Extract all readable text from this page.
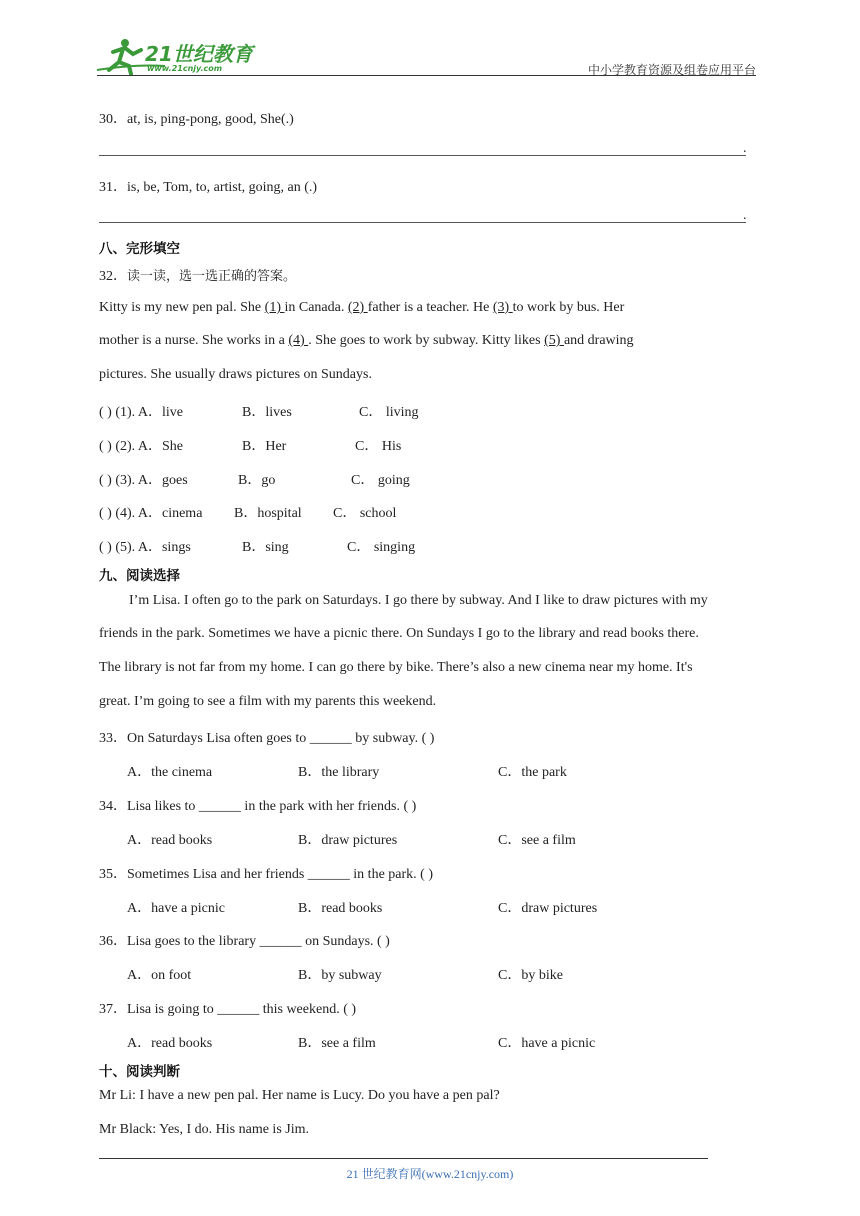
21世纪教育
www.21cnjy.com	中小学教育资源及组卷应用平台
30．at, is, ping-pong, good, She(.)
.
31．is, be, Tom, to, artist, going, an (.)
.
八、完形填空
32．读一读，选一选正确的答案。
Kitty is my new pen pal. She (1) in Canada. (2) father is a teacher. He (3) to work by bus. Her
mother is a nurse. She works in a (4) . She goes to work by subway. Kitty likes (5) and drawing
pictures. She usually draws pictures on Sundays.
( ) (1). A．live	B．lives	C． living
( ) (2). A．She	B．Her	C． His
( ) (3). A．goes	B．go	C． going
( ) (4). A．cinema B．hospital C． school
( ) (5). A．sings	B．sing	C． singing
九、阅读选择
I’m Lisa. I often go to the park on Saturdays. I go there by subway. And I like to draw pictures with my
friends in the park. Sometimes we have a picnic there. On Sundays I go to the library and read books there.
The library is not far from my home. I can go there by bike. There’s also a new cinema near my home. It's
great. I’m going to see a film with my parents this weekend.
33．On Saturdays Lisa often goes to ______ by subway. ( )
A．the cinema	B．the library	C．the park
34．Lisa likes to ______ in the park with her friends. ( )
A．read books	B．draw pictures	C．see a film
35．Sometimes Lisa and her friends ______ in the park. ( )
A．have a picnic	B．read books	C．draw pictures
36．Lisa goes to the library ______ on Sundays. ( )
A．on foot	B．by subway	C．by bike
37．Lisa is going to ______ this weekend. ( )
A．read books	B．see a film	C．have a picnic
十、阅读判断
Mr Li: I have a new pen pal. Her name is Lucy. Do you have a pen pal?
Mr Black: Yes, I do. His name is Jim.
21 世纪教育网(www.21cnjy.com)
